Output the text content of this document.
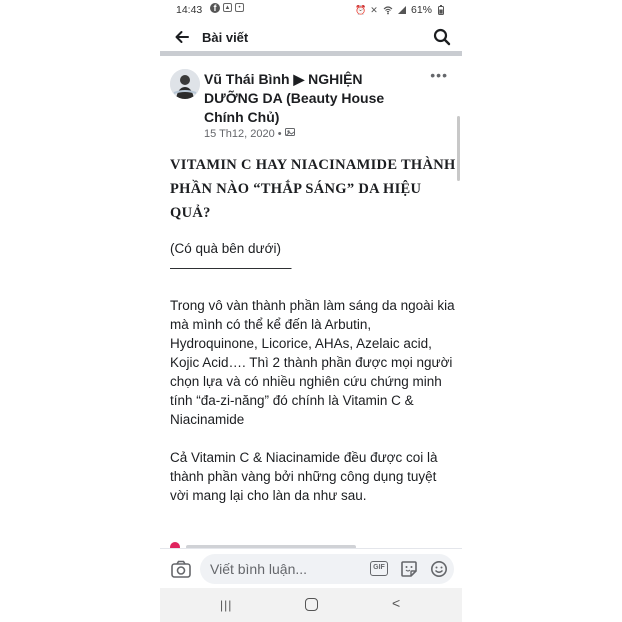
14:43	f	▲	•	⏰ ✕	61%
Bài viết
Vũ Thái Bình ▶ NGHIỆN DƯỠNG DA (Beauty House Chính Chủ)
15 Th12, 2020 •
•••
VITAMIN C HAY NIACINAMIDE THÀNH PHẦN NÀO “THẮP SÁNG” DA HIỆU QUẢ?
(Có quà bên dưới)
—————————
Trong vô vàn thành phần làm sáng da ngoài kia mà mình có thể kể đến là Arbutin, Hydroquinone, Licorice, AHAs, Azelaic acid, Kojic Acid…. Thì 2 thành phần được mọi người chọn lựa và có nhiều nghiên cứu chứng minh tính “đa-zi-năng” đó chính là Vitamin C & Niacinamide
Cả Vitamin C & Niacinamide đều được coi là thành phần vàng bởi những công dụng tuyệt vời mang lại cho làn da như sau.
Viết bình luận...
GIF
|||	<
